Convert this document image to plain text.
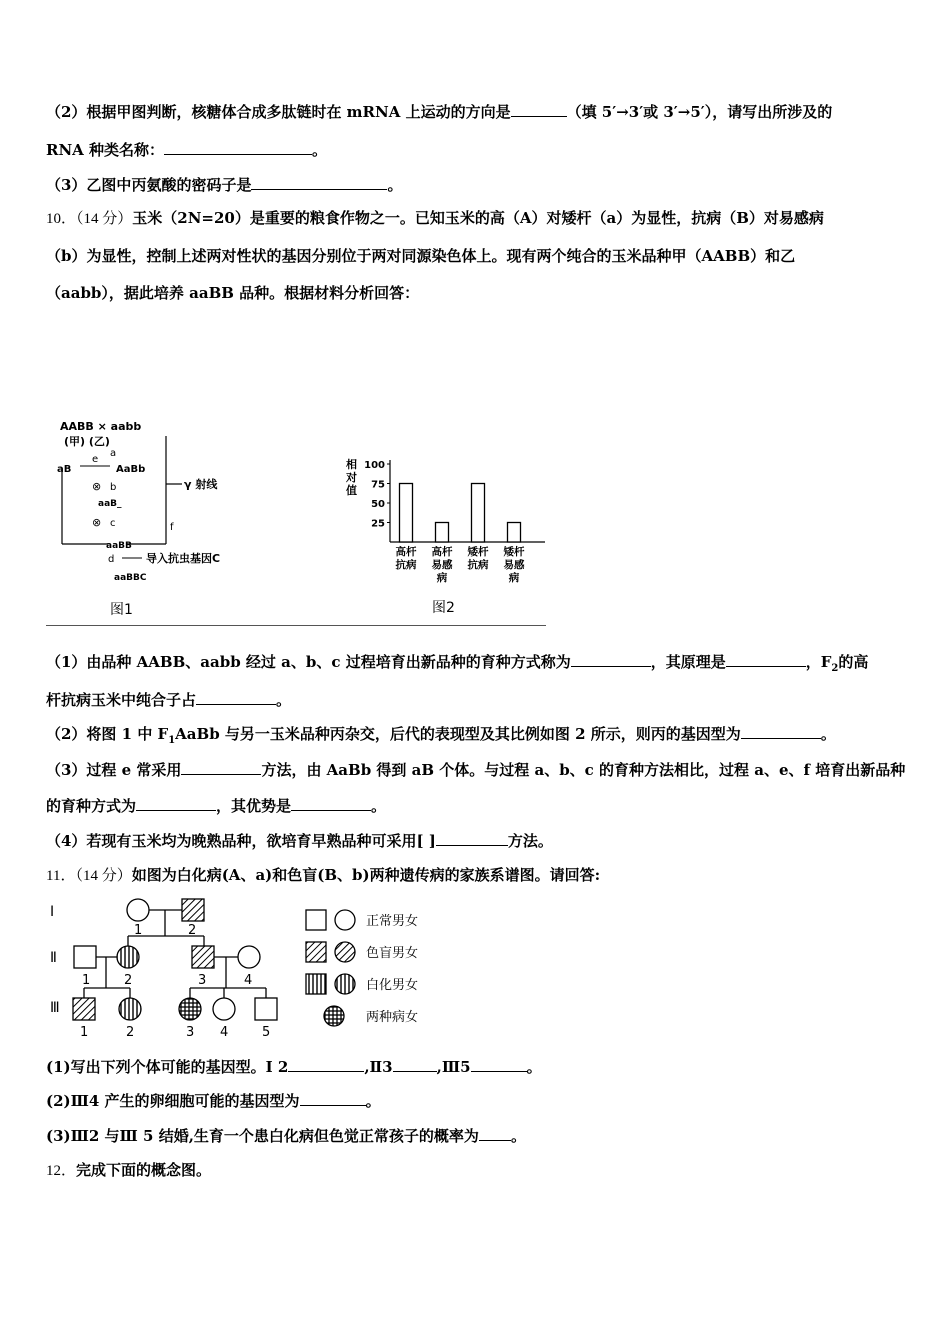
（2）根据甲图判断，核糖体合成多肽链时在 mRNA 上运动的方向是	（填 5′→3′或 3′→5′），请写出所涉及的
RNA 种类名称：	。
（3）乙图中丙氨酸的密码子是	。
10．（14 分）玉米（2N=20）是重要的粮食作物之一。已知玉米的高（A）对矮杆（a）为显性，抗病（B）对易感病
（b）为显性，控制上述两对性状的基因分别位于两对同源染色体上。现有两个纯合的玉米品种甲（AABB）和乙
（aabb），据此培养 aaBB 品种。根据材料分析回答：
AABB × aabb
(甲) (乙)
γ 射线
f
aB
e
a
AaBb
⊗ b
aaB_
⊗ c
aaBB
d	导入抗虫基因C
aaBBC
图1
相
对
值
25
50
75
100
高杆
抗病
高杆
易感
病
矮杆
抗病
矮杆
易感
病
图2
（1）由品种 AABB、aabb 经过 a、b、c 过程培育出新品种的育种方式称为	，其原理是	，$F_2$的高
杆抗病玉米中纯合子占	。
（2）将图 1 中 $F_1AaBb$ 与另一玉米品种丙杂交，后代的表现型及其比例如图 2 所示，则丙的基因型为	。
（3）过程 e 常采用	方法，由 AaBb 得到 aB 个体。与过程 a、b、c 的育种方法相比，过程 a、e、f 培育出新品种
的育种方式为	，其优势是	。
（4）若现有玉米均为晚熟品种，欲培育早熟品种可采用[ ]	方法。
11．（14 分）如图为白化病(A、a)和色盲(B、b)两种遗传病的家族系谱图。请回答:
Ⅰ
Ⅱ
Ⅲ
1	2
1	2	3	4
1	2	3 4	5
正常男女
色盲男女
白化男女
两种病女
(1)写出下列个体可能的基因型。Ⅰ 2	,Ⅱ3	,Ⅲ5	。
(2)Ⅲ4 产生的卵细胞可能的基因型为	。
(3)Ⅲ2 与Ⅲ 5 结婚,生育一个患白化病但色觉正常孩子的概率为 。
12．完成下面的概念图。
